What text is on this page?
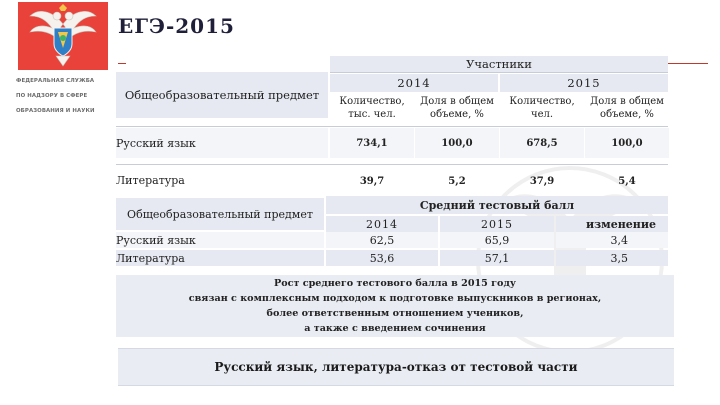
ФЕДЕРАЛЬНАЯ СЛУЖБА
ПО НАДЗОРУ В СФЕРЕ
ОБРАЗОВАНИЯ И НАУКИ
ЕГЭ-2015
Общеобразовательный предмет
Участники
2014	2015
Количество, тыс. чел.
Доля в общем объеме, %
Количество, чел.
Доля в общем объеме, %
Русский язык	734,1	100,0	678,5	100,0
Литература	39,7	5,2	37,9	5,4
Общеобразовательный предмет
Средний тестовый балл
2014	2015	изменение
Русский язык	62,5	65,9	3,4
Литература	53,6	57,1	3,5
Рост среднего тестового балла в 2015 году
связан с комплексным подходом к подготовке выпускников в регионах,
более ответственным отношением учеников,
а также с введением сочинения
Русский язык, литература-отказ от тестовой части
